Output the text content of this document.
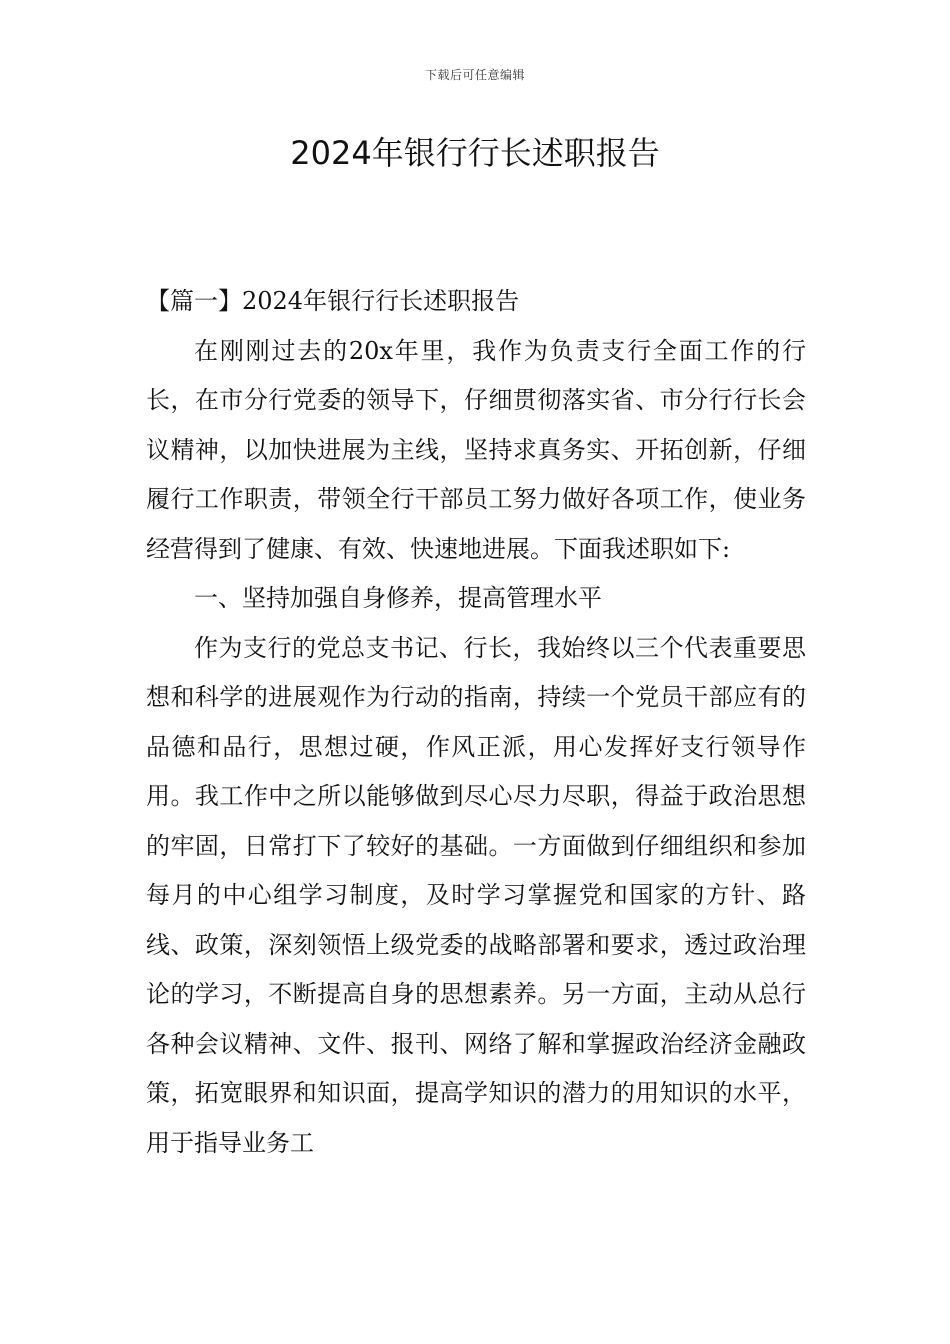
下载后可任意编辑
2024年银行行长述职报告

【篇一】2024年银行行长述职报告

在刚刚过去的20x年里，我作为负责支行全面工作的行长，在市分行党委的领导下，仔细贯彻落实省、市分行行长会议精神，以加快进展为主线，坚持求真务实、开拓创新，仔细履行工作职责，带领全行干部员工努力做好各项工作，使业务经营得到了健康、有效、快速地进展。下面我述职如下:

一、坚持加强自身修养，提高管理水平

作为支行的党总支书记、行长，我始终以三个代表重要思想和科学的进展观作为行动的指南，持续一个党员干部应有的品德和品行，思想过硬，作风正派，用心发挥好支行领导作用。我工作中之所以能够做到尽心尽力尽职，得益于政治思想的牢固，日常打下了较好的基础。一方面做到仔细组织和参加每月的中心组学习制度，及时学习掌握党和国家的方针、路线、政策，深刻领悟上级党委的战略部署和要求，透过政治理论的学习，不断提高自身的思想素养。另一方面，主动从总行各种会议精神、文件、报刊、网络了解和掌握政治经济金融政策，拓宽眼界和知识面，提高学知识的潜力的用知识的水平，用于指导业务工
